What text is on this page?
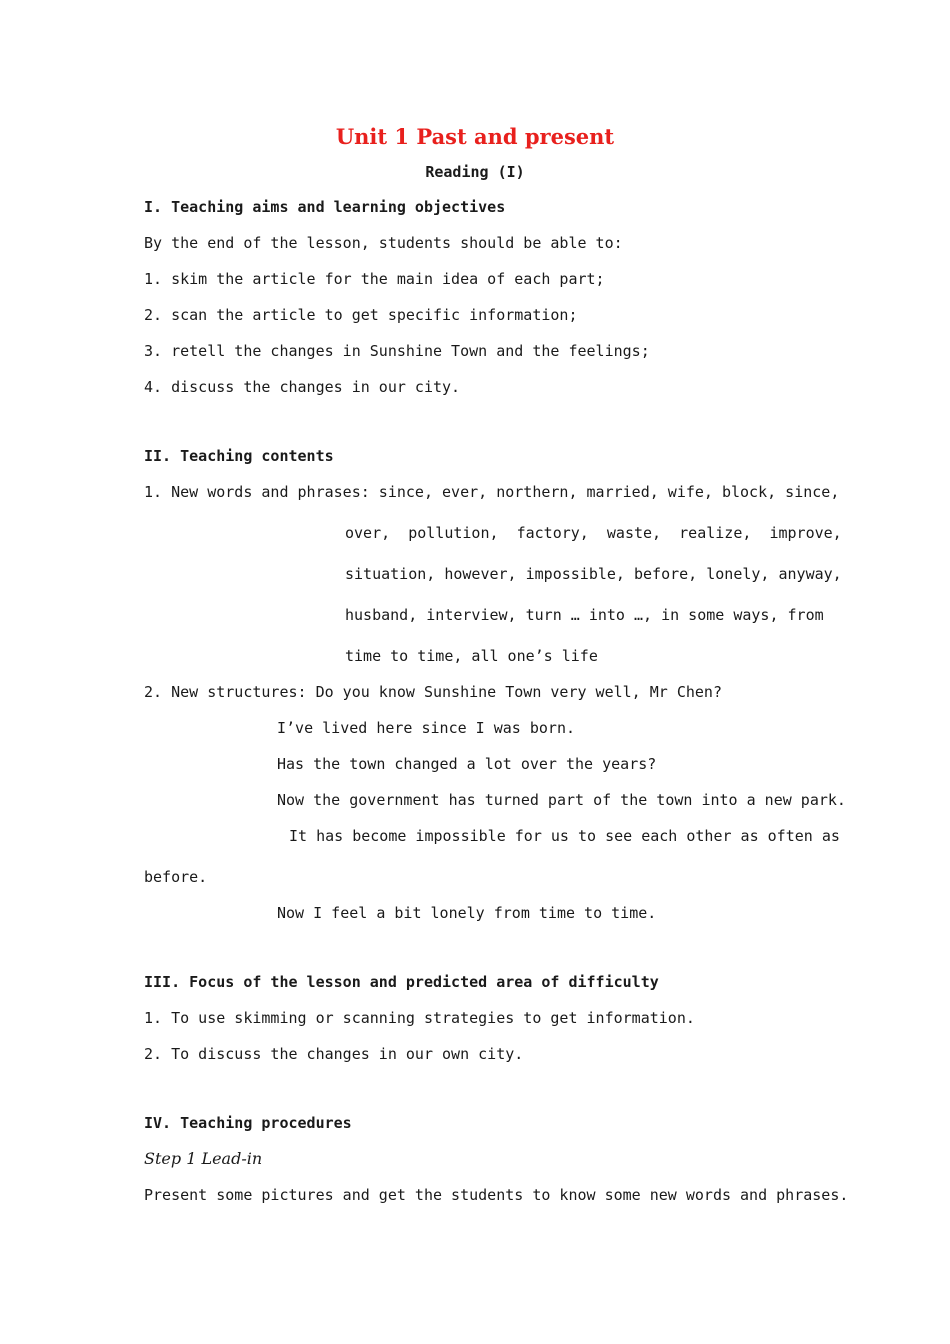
Unit 1 Past and present
Reading (I)
I. Teaching aims and learning objectives
By the end of the lesson, students should be able to:
1. skim the article for the main idea of each part;
2. scan the article to get specific information;
3. retell the changes in Sunshine Town and the feelings;
4. discuss the changes in our city.
II. Teaching contents
1. New words and phrases: since, ever, northern, married, wife, block, since,
over,  pollution,  factory,  waste,  realize,  improve,
situation, however, impossible, before, lonely, anyway,
husband, interview, turn … into …, in some ways, from
time to time, all one’s life
2. New structures: Do you know Sunshine Town very well, Mr Chen?
I’ve lived here since I was born.
Has the town changed a lot over the years?
Now the government has turned part of the town into a new park.
It has become impossible for us to see each other as often as
before.
Now I feel a bit lonely from time to time.
III. Focus of the lesson and predicted area of difficulty
1. To use skimming or scanning strategies to get information.
2. To discuss the changes in our own city.
IV. Teaching procedures
Step 1 Lead-in
Present some pictures and get the students to know some new words and phrases.
